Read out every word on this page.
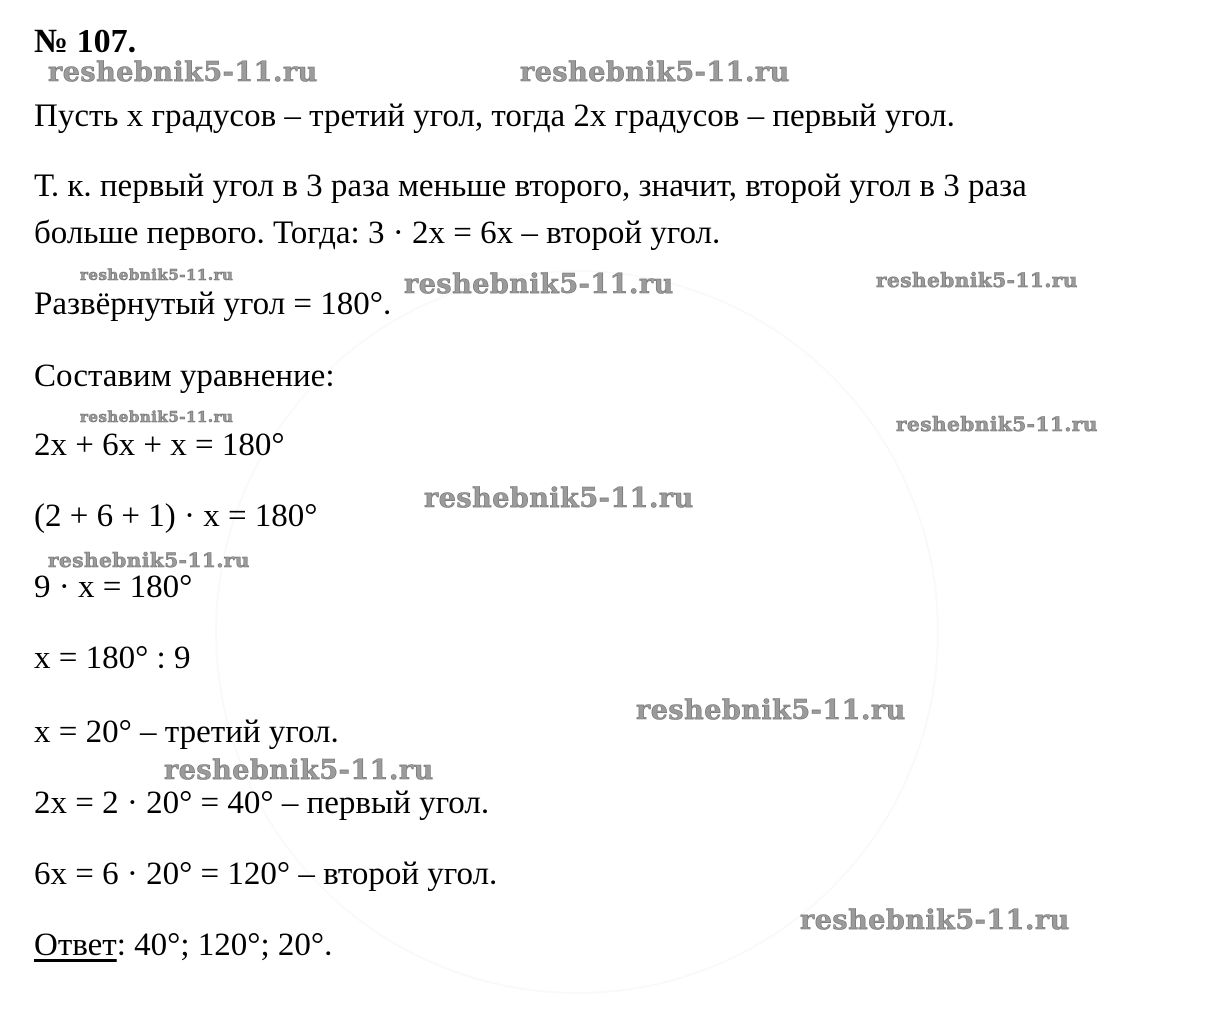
№ 107.
Пусть x градусов – третий угол, тогда 2x градусов – первый угол.
Т. к. первый угол в 3 раза меньше второго, значит, второй угол в 3 раза
больше первого. Тогда: 3 · 2x = 6x – второй угол.
Развёрнутый угол = 180°.
Составим уравнение:
2x + 6x + x = 180°
(2 + 6 + 1) · x = 180°
9 · x = 180°
x = 180° : 9
x = 20° – третий угол.
2x = 2 · 20° = 40° – первый угол.
6x = 6 · 20° = 120° – второй угол.
Ответ: 40°; 120°; 20°.
reshebnik5-11.ru	reshebnik5-11.ru
reshebnik5-11.ru	reshebnik5-11.ru	reshebnik5-11.ru
reshebnik5-11.ru	reshebnik5-11.ru
reshebnik5-11.ru
reshebnik5-11.ru
reshebnik5-11.ru
reshebnik5-11.ru
reshebnik5-11.ru
